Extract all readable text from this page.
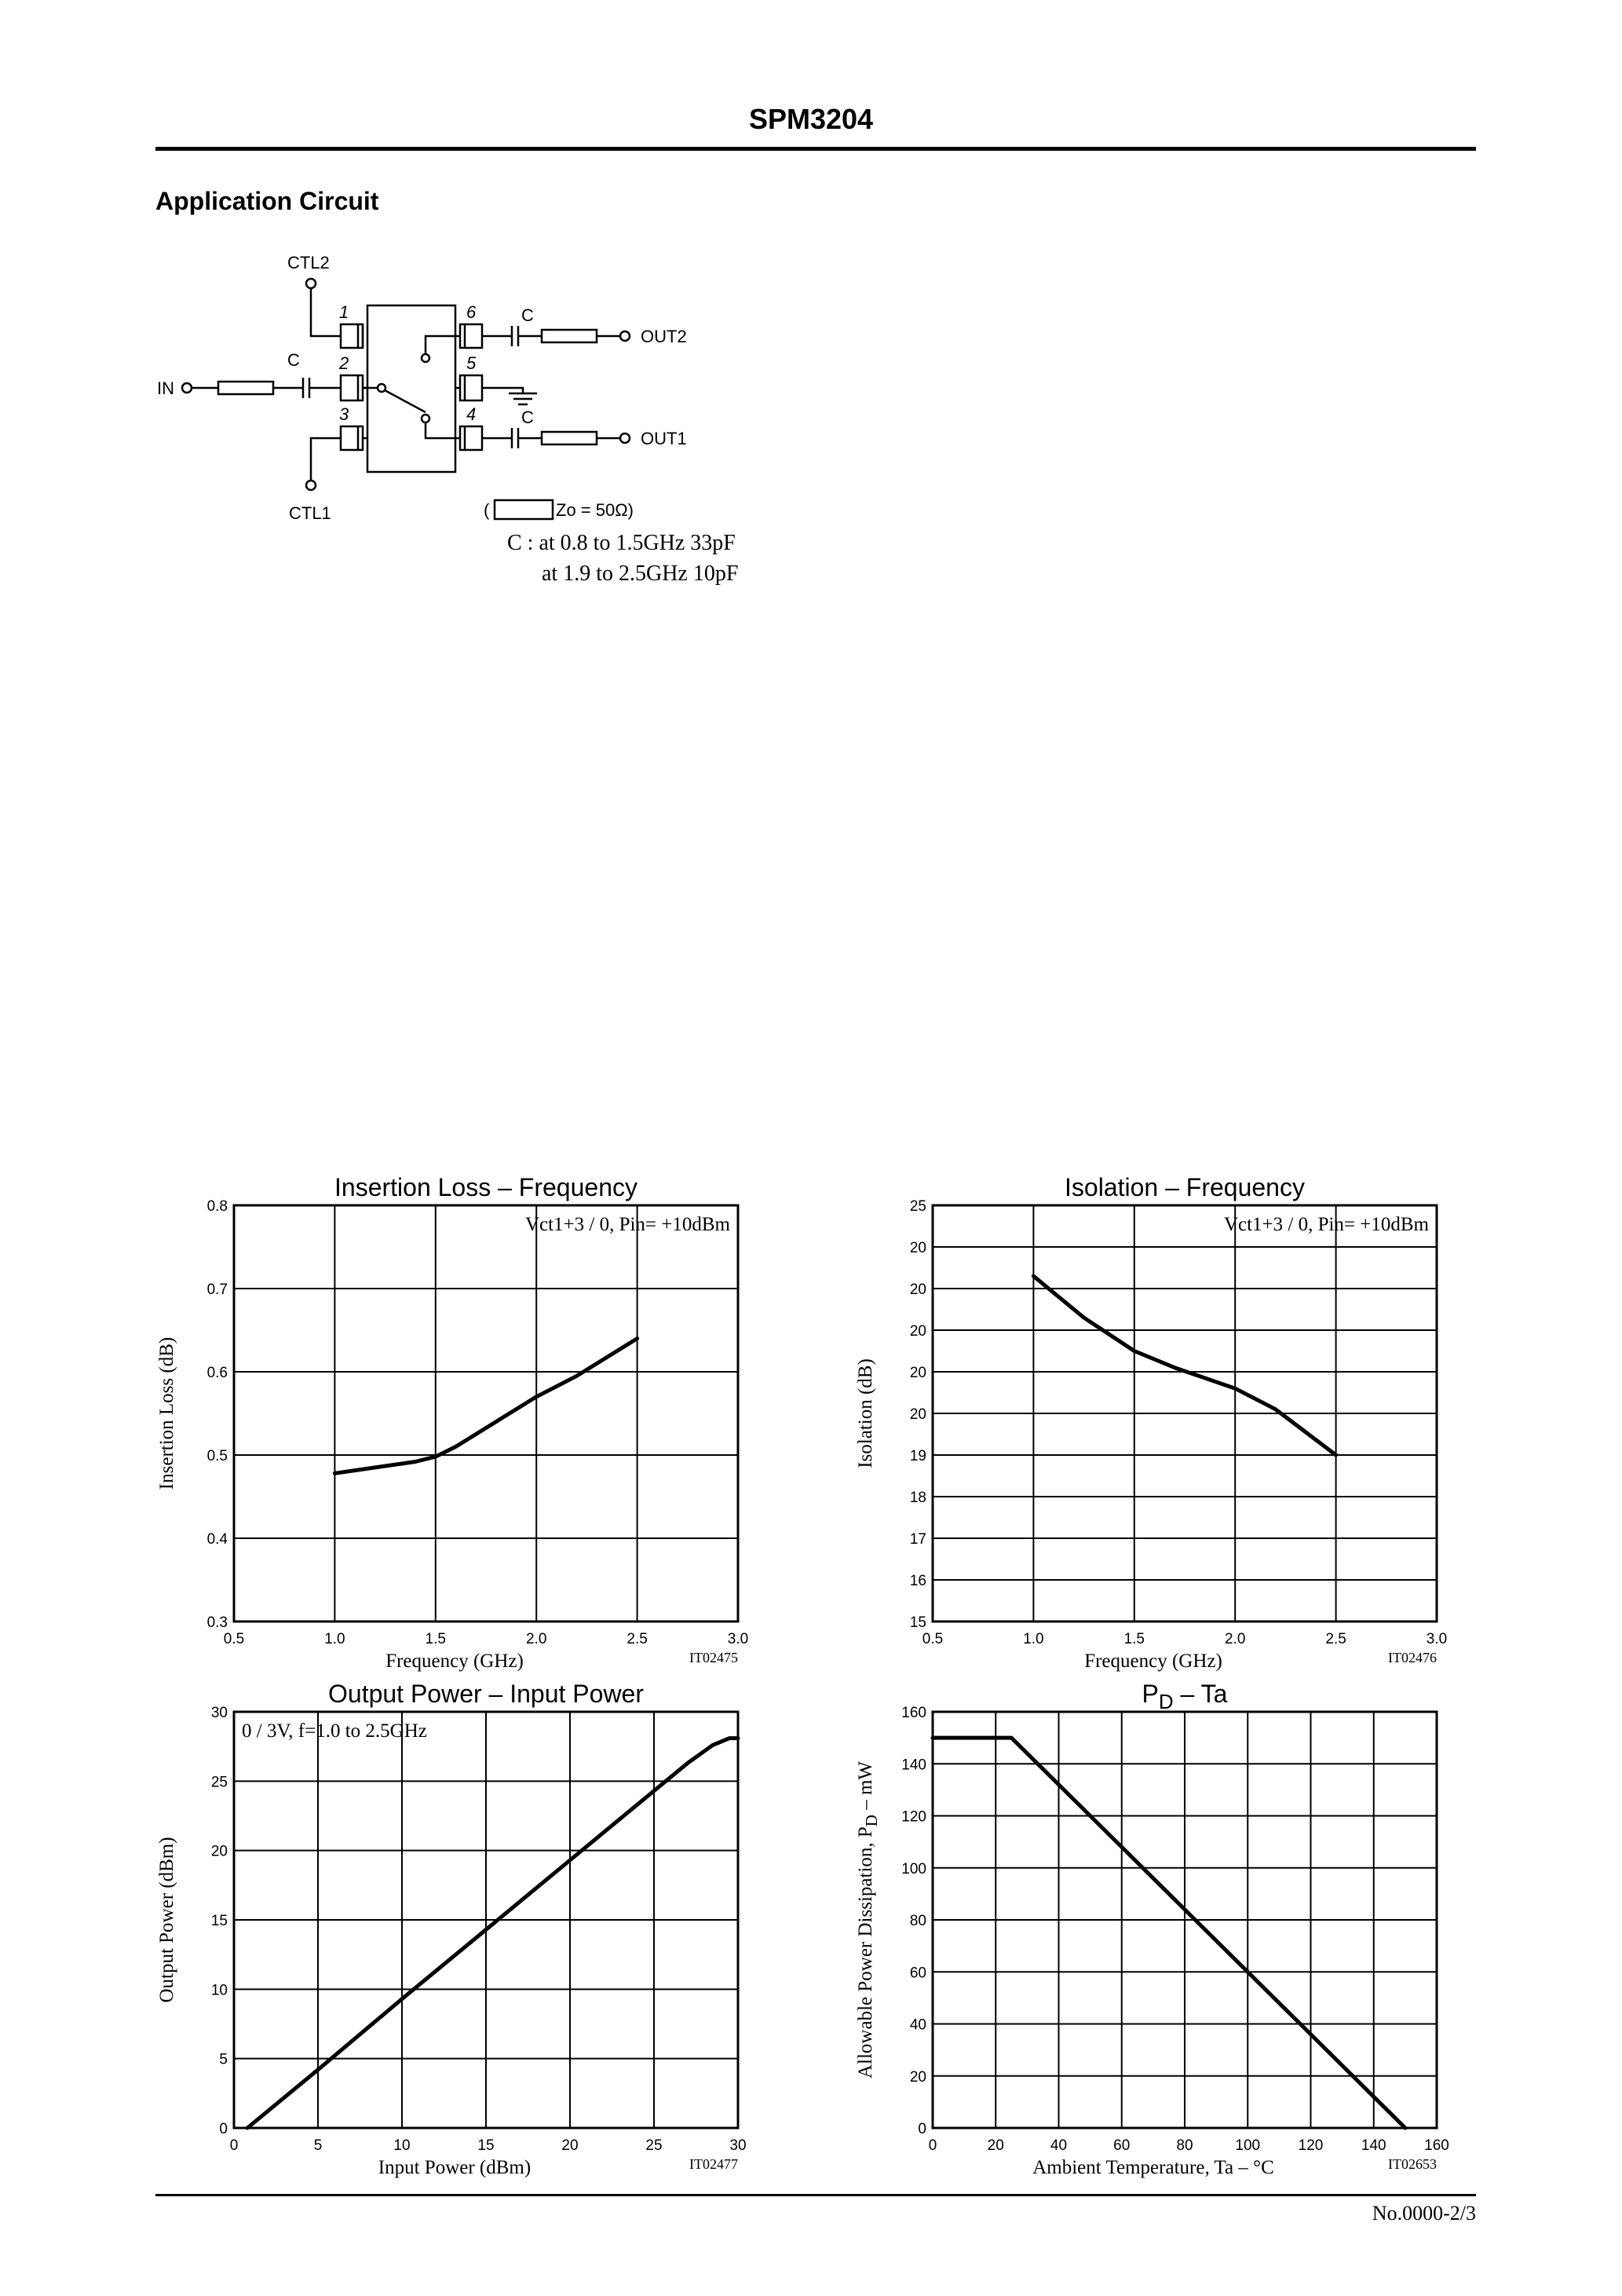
SPM3204
Application Circuit
CTL2
CTL1
IN
OUT2
OUT1
C
C
C
1
2
3
6
5
4
(	Zo = 50Ω)
C : at 0.8 to 1.5GHz 33pF
at 1.9 to 2.5GHz 10pF
0.5	1.0	1.5	2.0	2.5	3.0
0.3
0.4
0.5
0.6
0.7
0.8
Insertion Loss – Frequency
Frequency (GHz)	IT02475
Insertion Loss (dB)
Vct1+3 / 0, Pin= +10dBm
0.5	1.0	1.5	2.0	2.5	3.0
15
16
17
18
19
20
20
20
20
20
25
Isolation – Frequency
Frequency (GHz)	IT02476
Isolation (dB)
Vct1+3 / 0, Pin= +10dBm
0	5	10	15	20	25	30
0
5
10
15
20
25
30
Output Power – Input Power
Input Power (dBm)	IT02477
Output Power (dBm)
0 / 3V, f=1.0 to 2.5GHz
0	20	40	60	80	100	120	140	160
0
20
40
60
80
100
120
140
160
$P_D$ – Ta
Ambient Temperature, Ta – °C	IT02653
Allowable Power Dissipation, $P_D$ – mW
No.0000-2/3
